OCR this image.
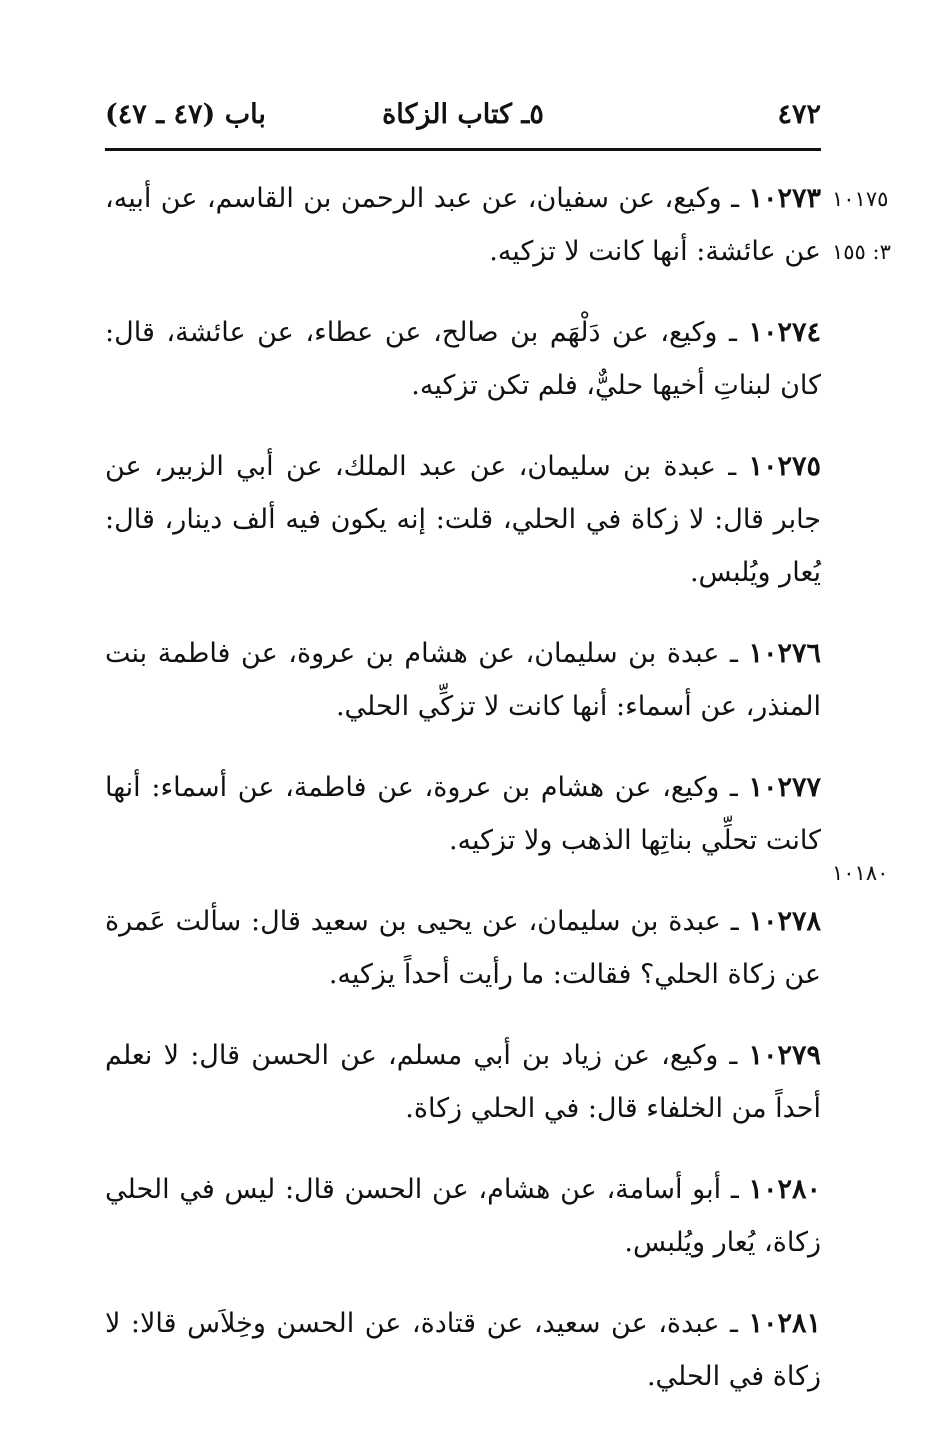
٤٧٢
٥ـ كتاب الزكاة
باب (٤٧ ـ ٤٧)
١٠١٧٥
٣: ١٥٥
١٠١٨٠

١٠٢٧٣ ـ وكيع، عن سفيان، عن عبد الرحمن بن القاسم، عن أبيه، عن عائشة: أنها كانت لا تزكيه.

١٠٢٧٤ ـ وكيع، عن دَلْهَم بن صالح، عن عطاء، عن عائشة، قال: كان لبناتِ أخيها حليٌّ، فلم تكن تزكيه.

١٠٢٧٥ ـ عبدة بن سليمان، عن عبد الملك، عن أبي الزبير، عن جابر قال: لا زكاة في الحلي، قلت: إنه يكون فيه ألف دينار، قال: يُعار ويُلبس.

١٠٢٧٦ ـ عبدة بن سليمان، عن هشام بن عروة، عن فاطمة بنت المنذر، عن أسماء: أنها كانت لا تزكِّي الحلي.

١٠٢٧٧ ـ وكيع، عن هشام بن عروة، عن فاطمة، عن أسماء: أنها كانت تحلِّي بناتِها الذهب ولا تزكيه.

١٠٢٧٨ ـ عبدة بن سليمان، عن يحيى بن سعيد قال: سألت عَمرة عن زكاة الحلي؟ فقالت: ما رأيت أحداً يزكيه.

١٠٢٧٩ ـ وكيع، عن زياد بن أبي مسلم، عن الحسن قال: لا نعلم أحداً من الخلفاء قال: في الحلي زكاة.

١٠٢٨٠ ـ أبو أسامة، عن هشام، عن الحسن قال: ليس في الحلي زكاة، يُعار ويُلبس.

١٠٢٨١ ـ عبدة، عن سعيد، عن قتادة، عن الحسن وخِلاَس قالا: لا زكاة في الحلي.
